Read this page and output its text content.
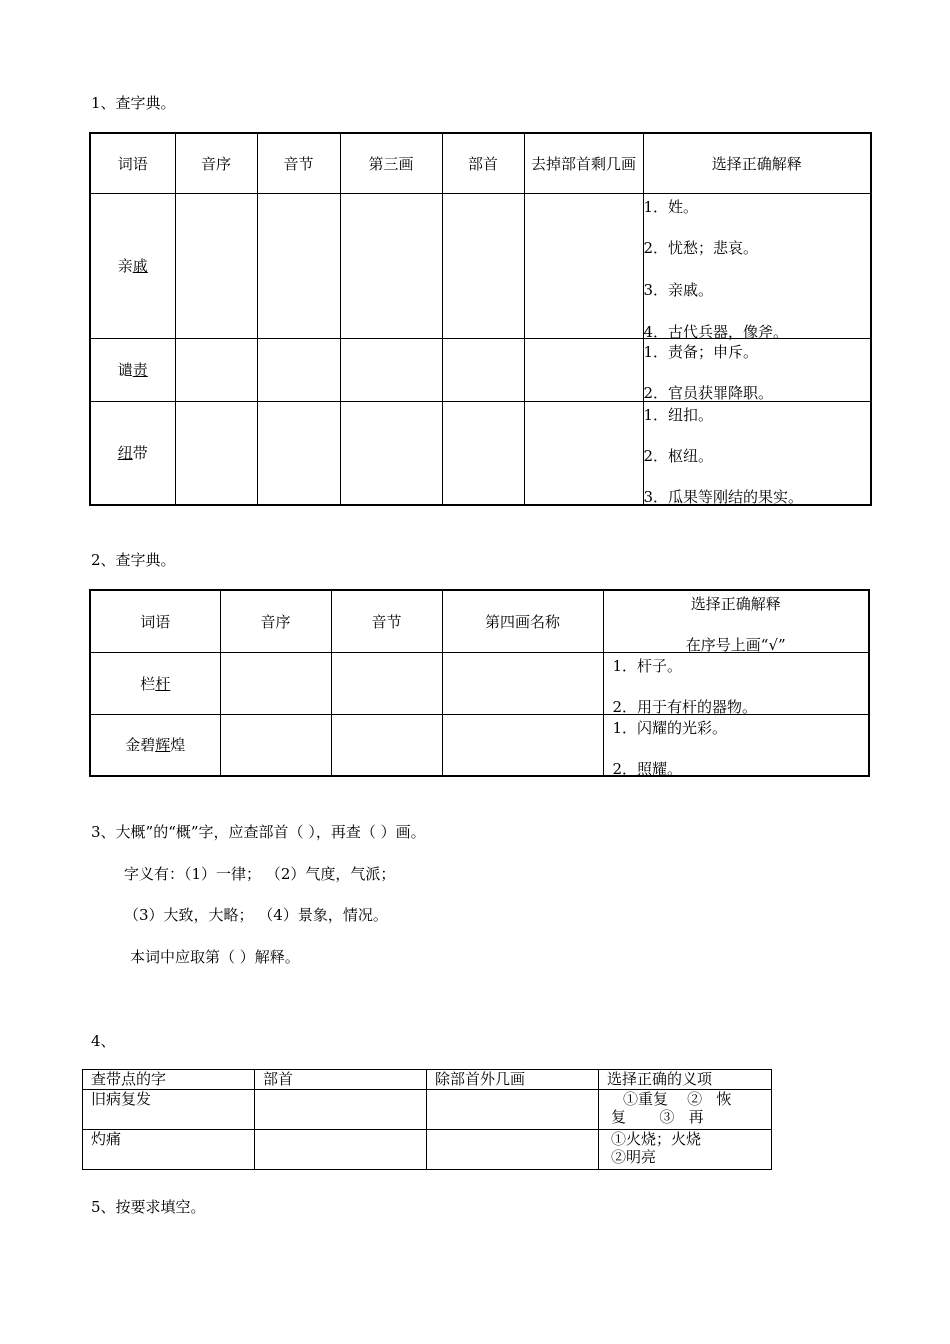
1、查字典。
词语	音序	音节	第三画	部首	去掉部首剩几画	选择正确解释
亲戚						1．姓。
2．忧愁；悲哀。
3．亲戚。
4．古代兵器，像斧。

谴责						1．责备；申斥。
2．官员获罪降职。

纽带						1．纽扣。
2．枢纽。
3．瓜果等刚结的果实。
2、查字典。
词语	音序	音节	第四画名称	选择正确解释
在序号上画“√”

栏杆				1．杆子。
2．用于有杆的器物。

金碧辉煌				1．闪耀的光彩。
2．照耀。
3、大概”的“概”字，应查部首（ ），再查（ ）画。
字义有：（1）一律； （2）气度，气派；
（3）大致，大略； （4）景象，情况。
本词中应取第（ ）解释。
4、
查带点的字	部首	除部首外几画	选择正确的义项
旧病复发			①重复    ②   恢
复       ③   再

灼痛			①火烧；火烧
②明亮
5、按要求填空。
